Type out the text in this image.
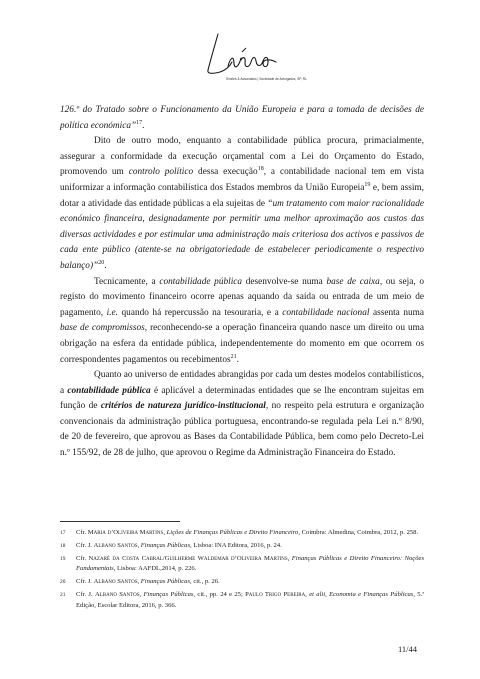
Simões & Associados | Sociedade de Advogados, SP, RL

126.º do Tratado sobre o Funcionamento da União Europeia e para a tomada de decisões de política económica”$^{17}$.

Dito de outro modo, enquanto a contabilidade pública procura, primacialmente, assegurar a conformidade da execução orçamental com a Lei do Orçamento do Estado, promovendo um controlo político dessa execução$^{18}$, a contabilidade nacional tem em vista uniformizar a informação contabilística dos Estados membros da União Europeia$^{19}$ e, bem assim, dotar a atividade das entidade públicas a ela sujeitas de “um tratamento com maior racionalidade económico financeira, designadamente por permitir uma melhor aproximação aos custos das diversas actividades e por estimular uma administração mais criteriosa dos activos e passivos de cada ente público (atente-se na obrigatoriedade de estabelecer periodicamente o respectivo balanço)”$^{20}$.

Tecnicamente, a contabilidade pública desenvolve-se numa base de caixa, ou seja, o registo do movimento financeiro ocorre apenas aquando da saída ou entrada de um meio de pagamento, i.e. quando há repercussão na tesouraria, e a contabilidade nacional assenta numa base de compromissos, reconhecendo-se a operação financeira quando nasce um direito ou uma obrigação na esfera da entidade pública, independentemente do momento em que ocorrem os correspondentes pagamentos ou recebimentos$^{21}$.

Quanto ao universo de entidades abrangidas por cada um destes modelos contabilísticos, a contabilidade pública é aplicável a determinadas entidades que se lhe encontram sujeitas em função de critérios de natureza jurídico-institucional, no respeito pela estrutura e organização convencionais da administração pública portuguesa, encontrando-se regulada pela Lei n.º 8/90, de 20 de fevereiro, que aprovou as Bases da Contabilidade Pública, bem como pelo Decreto-Lei n.º 155/92, de 28 de julho, que aprovou o Regime da Administração Financeira do Estado.

17	Cfr. Maria d’Oliveira Martins, Lições de Finanças Públicas e Direito Financeiro, Coimbra: Almedina, Coimbra, 2012, p. 258.
18	Cfr. J. Albano Santos, Finanças Públicas, Lisboa: INA Editora, 2016, p. 24.
19	Cfr. Nazaré da Costa Cabral/Guilherme Waldemar d’Oliveira Martins, Finanças Públicas e Direito Financeiro: Noções Fundamentais, Lisboa: AAFDL,2014, p. 226.
20	Cfr. J. Albano Santos, Finanças Públicas, cit., p. 26.
21	Cfr. J. Albano Santos, Finanças Públicas, cit., pp. 24 e 25; Paulo Trigo Pereira, et alii, Economia e Finanças Públicas, 5.ª Edição, Escolar Editora, 2016, p. 366.
11/44
